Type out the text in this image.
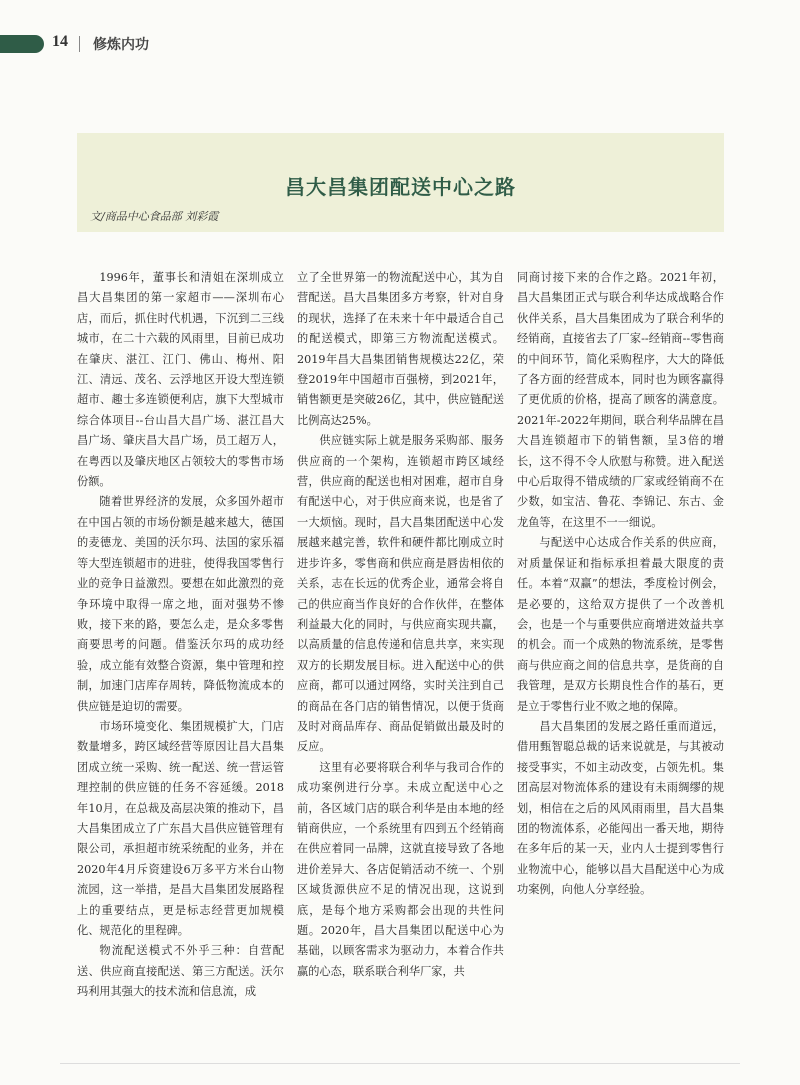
14 修炼内功
昌大昌集团配送中心之路
文/商品中心食品部 刘彩霞

1996年，董事长和清姐在深圳成立昌大昌集团的第一家超市——深圳布心店，而后，抓住时代机遇，下沉到二三线城市，在二十六载的风雨里，目前已成功在肇庆、湛江、江门、佛山、梅州、阳江、清远、茂名、云浮地区开设大型连锁超市、趣士多连锁便利店，旗下大型城市综合体项目--台山昌大昌广场、湛江昌大昌广场、肇庆昌大昌广场，员工超万人，在粤西以及肇庆地区占领较大的零售市场份额。

随着世界经济的发展，众多国外超市在中国占领的市场份额是越来越大，德国的麦德龙、美国的沃尔玛、法国的家乐福等大型连锁超市的进驻，使得我国零售行业的竞争日益激烈。要想在如此激烈的竞争环境中取得一席之地，面对强势不惨败，接下来的路，要怎么走，是众多零售商要思考的问题。借鉴沃尔玛的成功经验，成立能有效整合资源，集中管理和控制，加速门店库存周转，降低物流成本的供应链是迫切的需要。

市场环境变化、集团规模扩大，门店数量增多，跨区域经营等原因让昌大昌集团成立统一采购、统一配送、统一营运管理控制的供应链的任务不容延缓。2018年10月，在总裁及高层决策的推动下，昌大昌集团成立了广东昌大昌供应链管理有限公司，承担超市统采统配的业务，并在2020年4月斥资建设6万多平方米台山物流园，这一举措，是昌大昌集团发展路程上的重要结点，更是标志经营更加规模化、规范化的里程碑。

物流配送模式不外乎三种：自营配送、供应商直接配送、第三方配送。沃尔玛利用其强大的技术流和信息流，成

立了全世界第一的物流配送中心，其为自营配送。昌大昌集团多方考察，针对自身的现状，选择了在未来十年中最适合自己的配送模式，即第三方物流配送模式。2019年昌大昌集团销售规模达22亿，荣登2019年中国超市百强榜，到2021年，销售额更是突破26亿，其中，供应链配送比例高达25%。

供应链实际上就是服务采购部、服务供应商的一个架构，连锁超市跨区域经营，供应商的配送也相对困难，超市自身有配送中心，对于供应商来说，也是省了一大烦恼。现时，昌大昌集团配送中心发展越来越完善，软件和硬件都比刚成立时进步许多，零售商和供应商是唇齿相依的关系，志在长远的优秀企业，通常会将自己的供应商当作良好的合作伙伴，在整体利益最大化的同时，与供应商实现共赢，以高质量的信息传递和信息共享，来实现双方的长期发展目标。进入配送中心的供应商，都可以通过网络，实时关注到自己的商品在各门店的销售情况，以便于货商及时对商品库存、商品促销做出最及时的反应。

这里有必要将联合利华与我司合作的成功案例进行分享。未成立配送中心之前，各区域门店的联合利华是由本地的经销商供应，一个系统里有四到五个经销商在供应着同一品牌，这就直接导致了各地进价差异大、各店促销活动不统一、个别区域货源供应不足的情况出现，这说到底，是每个地方采购都会出现的共性问题。2020年，昌大昌集团以配送中心为基础，以顾客需求为驱动力，本着合作共赢的心态，联系联合利华厂家，共

同商讨接下来的合作之路。2021年初，昌大昌集团正式与联合利华达成战略合作伙伴关系，昌大昌集团成为了联合利华的经销商，直接省去了厂家--经销商--零售商的中间环节，简化采购程序，大大的降低了各方面的经营成本，同时也为顾客赢得了更优质的价格，提高了顾客的满意度。2021年-2022年期间，联合利华品牌在昌大昌连锁超市下的销售额，呈3倍的增长，这不得不令人欣慰与称赞。进入配送中心后取得不错成绩的厂家或经销商不在少数，如宝洁、鲁花、李锦记、东古、金龙鱼等，在这里不一一细说。

与配送中心达成合作关系的供应商，对质量保证和指标承担着最大限度的责任。本着“双赢”的想法，季度检讨例会，是必要的，这给双方提供了一个改善机会，也是一个与重要供应商增进效益共享的机会。而一个成熟的物流系统，是零售商与供应商之间的信息共享，是货商的自我管理，是双方长期良性合作的基石，更是立于零售行业不败之地的保障。

昌大昌集团的发展之路任重而道远，借用甄智聪总裁的话来说就是，与其被动接受事实，不如主动改变，占领先机。集团高层对物流体系的建设有未雨绸缪的规划，相信在之后的风风雨雨里，昌大昌集团的物流体系，必能闯出一番天地，期待在多年后的某一天，业内人士提到零售行业物流中心，能够以昌大昌配送中心为成功案例，向他人分享经验。
